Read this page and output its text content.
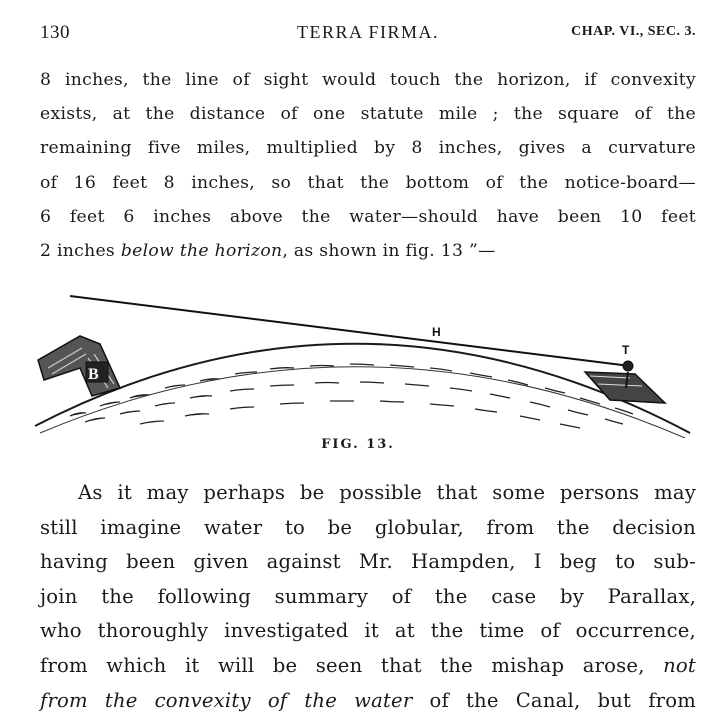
130	TERRA FIRMA.	CHAP. VI., SEC. 3.
8 inches, the line of sight would touch the horizon, if convexity
exists, at the distance of one statute mile ; the square of the
remaining five miles, multiplied by 8 inches, gives a curvature
of 16 feet 8 inches, so that the bottom of the notice-board—
6 feet 6 inches above the water—should have been 10 feet
2 inches below the horizon, as shown in fig. 13 ”—
B
H
T
FIG. 13.
As it may perhaps be possible that some persons may
still imagine water to be globular, from the decision
having been given against Mr. Hampden, I beg to sub-
join the following summary of the case by Parallax,
who thoroughly investigated it at the time of occurrence,
from which it will be seen that the mishap arose, not
from the convexity of the water of the Canal, but from
